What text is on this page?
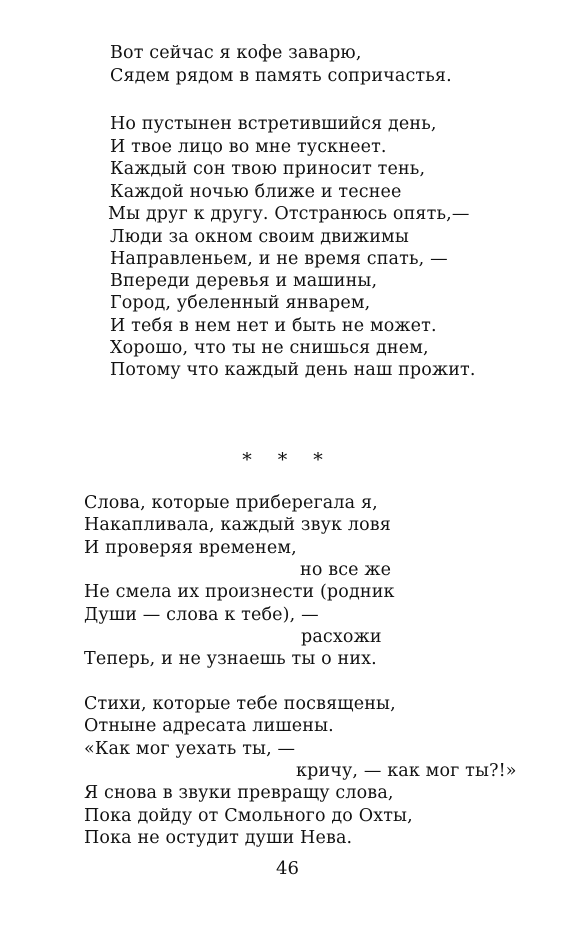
Вот сейчас я кофе заварю,
Сядем рядом в память сопричастья.
Но пустынен встретившийся день,
И твое лицо во мне тускнеет.
Каждый сон твою приносит тень,
Каждой ночью ближе и теснее
Мы друг к другу. Отстранюсь опять,—
Люди за окном своим движимы
Направленьем, и не время спать, —
Впереди деревья и машины,
Город, убеленный январем,
И тебя в нем нет и быть не может.
Хорошо, что ты не снишься днем,
Потому что каждый день наш прожит.
* * *
Слова, которые приберегала я,
Накапливала, каждый звук ловя
И проверяя временем,
но все же
Не смела их произнести (родник
Души — слова к тебе), —
расхожи
Теперь, и не узнаешь ты о них.
Стихи, которые тебе посвящены,
Отныне адресата лишены.
«Как мог уехать ты, —
кричу, — как мог ты?!»
Я снова в звуки превращу слова,
Пока дойду от Смольного до Охты,
Пока не остудит души Нева.
46
